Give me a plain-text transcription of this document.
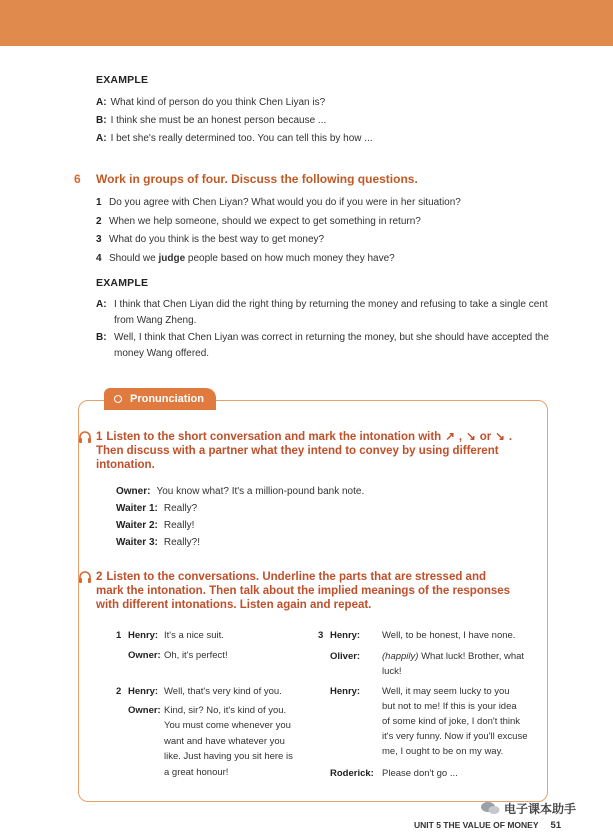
EXAMPLE
A: What kind of person do you think Chen Liyan is?
B: I think she must be an honest person because ...
A: I bet she's really determined too. You can tell this by how ...
6 Work in groups of four. Discuss the following questions.
1 Do you agree with Chen Liyan? What would you do if you were in her situation?
2 When we help someone, should we expect to get something in return?
3 What do you think is the best way to get money?
4 Should we judge people based on how much money they have?
EXAMPLE
A: I think that Chen Liyan did the right thing by returning the money and refusing to take a single cent from Wang Zheng.
B: Well, I think that Chen Liyan was correct in returning the money, but she should have accepted the money Wang offered.
Pronunciation
1 Listen to the short conversation and mark the intonation with ↗ , ↘ or ↘ . Then discuss with a partner what they intend to convey by using different intonation.
Owner: You know what? It's a million-pound bank note.
Waiter 1: Really?
Waiter 2: Really!
Waiter 3: Really?!
2 Listen to the conversations. Underline the parts that are stressed and mark the intonation. Then talk about the implied meanings of the responses with different intonations. Listen again and repeat.
1 Henry: It's a nice suit.
Owner: Oh, it's perfect!
2 Henry: Well, that's very kind of you.
Owner: Kind, sir? No, it's kind of you.
You must come whenever you
want and have whatever you
like. Just having you sit here is
a great honour!
3 Henry: Well, to be honest, I have none.
Oliver: (happily) What luck! Brother, what
luck!
Henry: Well, it may seem lucky to you
but not to me! If this is your idea
of some kind of joke, I don't think
it's very funny. Now if you'll excuse
me, I ought to be on my way.
Roderick: Please don't go ...
电子课本助手
UNIT 5 THE VALUE OF MONEY 51
